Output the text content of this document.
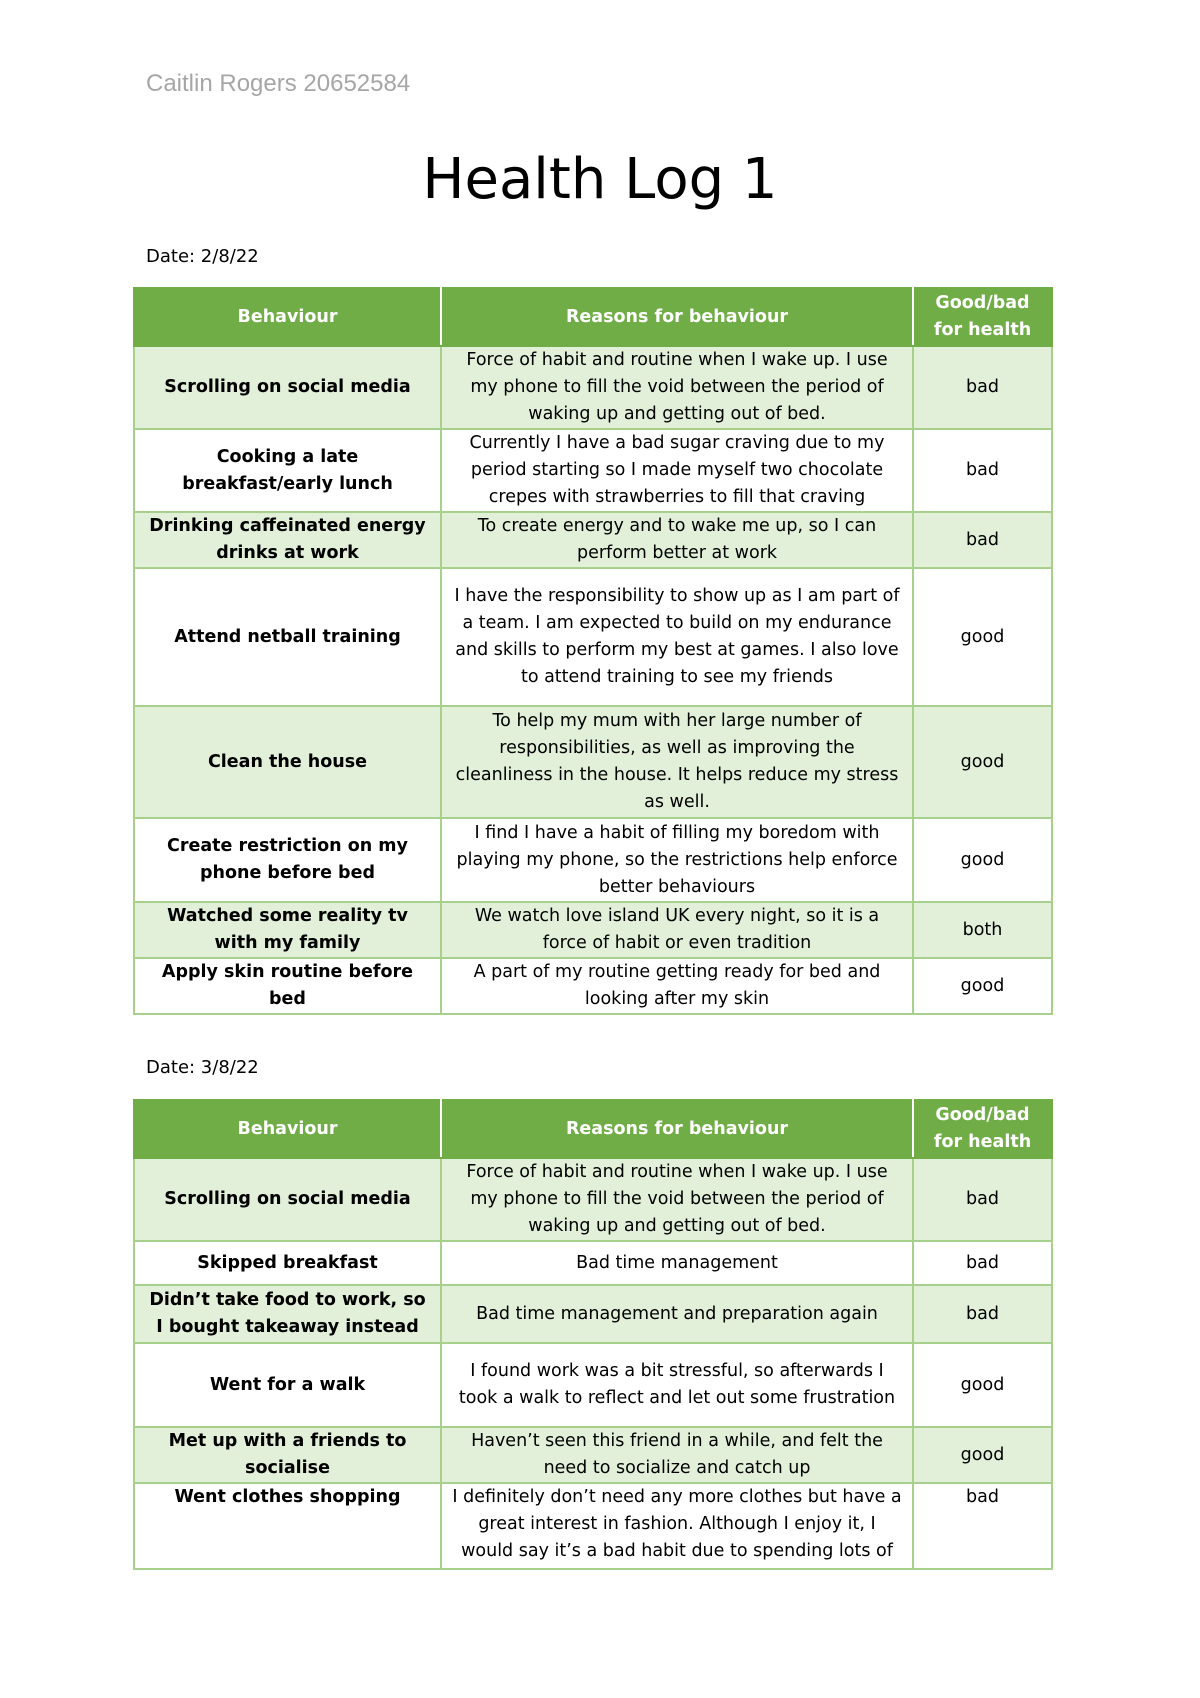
Caitlin Rogers 20652584
Health Log 1
Date: 2/8/22
Behaviour	Reasons for behaviour	Good/bad for health
Scrolling on social media	Force of habit and routine when I wake up. I use my phone to fill the void between the period of waking up and getting out of bed.	bad
Cooking a late breakfast/early lunch	Currently I have a bad sugar craving due to my period starting so I made myself two chocolate crepes with strawberries to fill that craving	bad
Drinking caffeinated energy drinks at work	To create energy and to wake me up, so I can perform better at work	bad
Attend netball training	I have the responsibility to show up as I am part of a team. I am expected to build on my endurance and skills to perform my best at games. I also love to attend training to see my friends	good
Clean the house	To help my mum with her large number of responsibilities, as well as improving the cleanliness in the house. It helps reduce my stress as well.	good
Create restriction on my phone before bed	I find I have a habit of filling my boredom with playing my phone, so the restrictions help enforce better behaviours	good
Watched some reality tv with my family	We watch love island UK every night, so it is a force of habit or even tradition	both
Apply skin routine before bed	A part of my routine getting ready for bed and looking after my skin	good
Date: 3/8/22
Behaviour	Reasons for behaviour	Good/bad for health
Scrolling on social media	Force of habit and routine when I wake up. I use my phone to fill the void between the period of waking up and getting out of bed.	bad
Skipped breakfast	Bad time management	bad
Didn’t take food to work, so I bought takeaway instead	Bad time management and preparation again	bad
Went for a walk	I found work was a bit stressful, so afterwards I took a walk to reflect and let out some frustration	good
Met up with a friends to socialise	Haven’t seen this friend in a while, and felt the need to socialize and catch up	good
Went clothes shopping	I definitely don’t need any more clothes but have a great interest in fashion. Although I enjoy it, I would say it’s a bad habit due to spending lots of	bad
